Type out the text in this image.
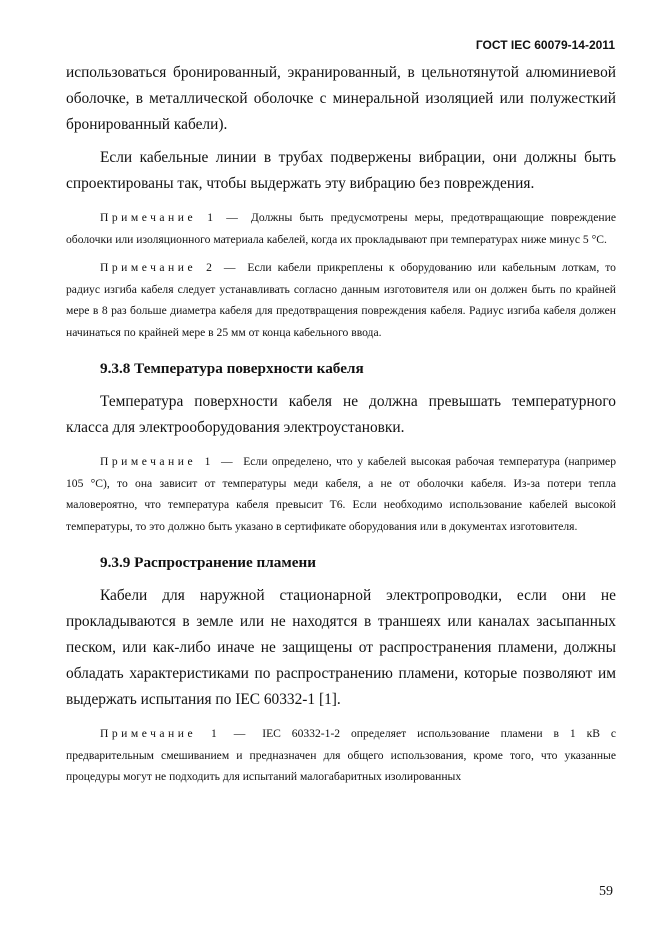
ГОСТ IEC 60079-14-2011

использоваться бронированный, экранированный, в цельнотянутой алюминиевой оболочке, в металлической оболочке с минеральной изоляцией или полужесткий бронированный кабели).

Если кабельные линии в трубах подвержены вибрации, они должны быть спроектированы так, чтобы выдержать эту вибрацию без повреждения.

Примечание 1 — Должны быть предусмотрены меры, предотвращающие повреждение оболочки или изоляционного материала кабелей, когда их прокладывают при температурах ниже минус 5 °С.

Примечание 2 — Если кабели прикреплены к оборудованию или кабельным лоткам, то радиус изгиба кабеля следует устанавливать согласно данным изготовителя или он должен быть по крайней мере в 8 раз больше диаметра кабеля для предотвращения повреждения кабеля. Радиус изгиба кабеля должен начинаться по крайней мере в 25 мм от конца кабельного ввода.

9.3.8 Температура поверхности кабеля

Температура поверхности кабеля не должна превышать температурного класса для электрооборудования электроустановки.

Примечание 1 — Если определено, что у кабелей высокая рабочая температура (например 105 °С), то она зависит от температуры меди кабеля, а не от оболочки кабеля. Из-за потери тепла маловероятно, что температура кабеля превысит Т6. Если необходимо использование кабелей высокой температуры, то это должно быть указано в сертификате оборудования или в документах изготовителя.

9.3.9 Распространение пламени

Кабели для наружной стационарной электропроводки, если они не прокладываются в земле или не находятся в траншеях или каналах засыпанных песком, или как-либо иначе не защищены от распространения пламени, должны обладать характеристиками по распространению пламени, которые позволяют им выдержать испытания по IEC 60332-1 [1].

Примечание 1 — IEC 60332-1-2 определяет использование пламени в 1 кВ с предварительным смешиванием и предназначен для общего использования, кроме того, что указанные процедуры могут не подходить для испытаний малогабаритных изолированных

59
